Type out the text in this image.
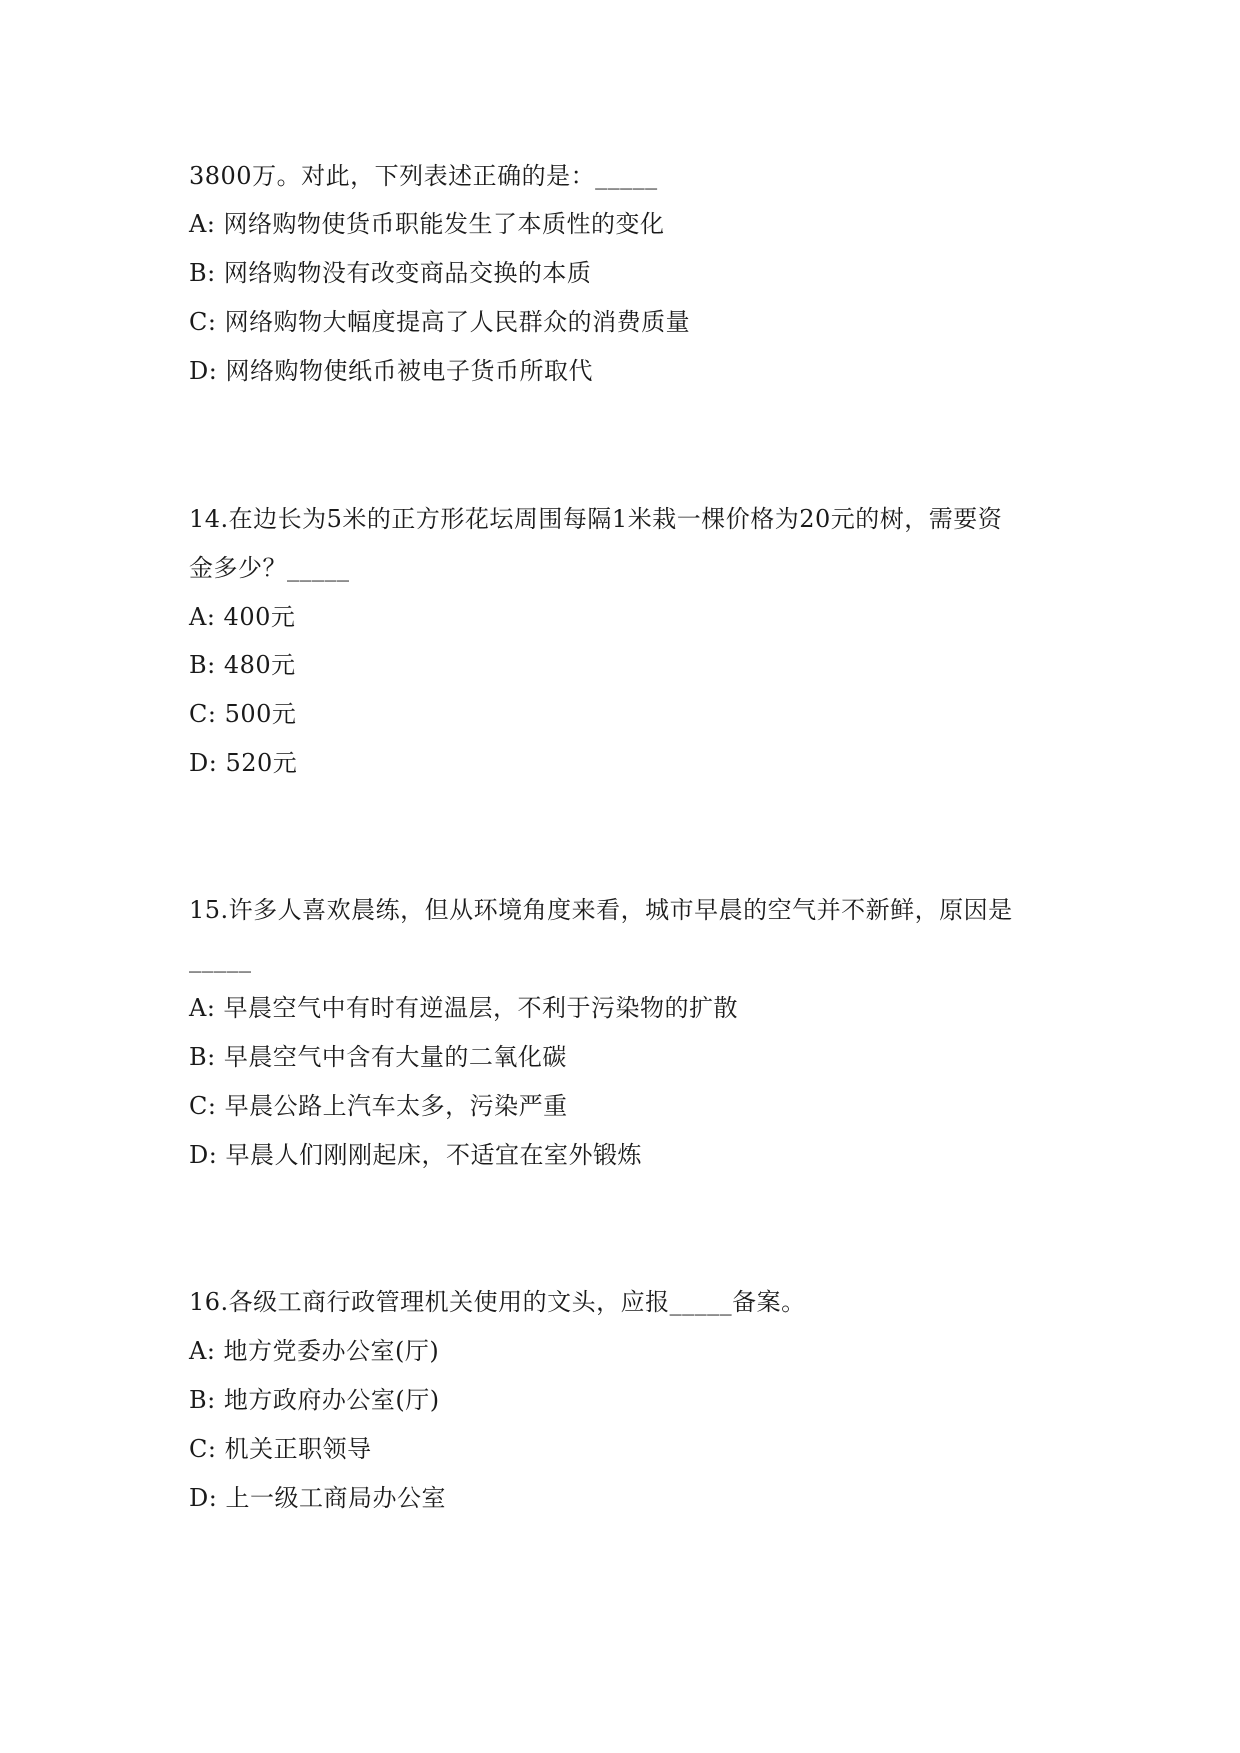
3800万。对此，下列表述正确的是：_____
A: 网络购物使货币职能发生了本质性的变化
B: 网络购物没有改变商品交换的本质
C: 网络购物大幅度提高了人民群众的消费质量
D: 网络购物使纸币被电子货币所取代
14.在边长为5米的正方形花坛周围每隔1米栽一棵价格为20元的树，需要资
金多少？_____
A: 400元
B: 480元
C: 500元
D: 520元
15.许多人喜欢晨练，但从环境角度来看，城市早晨的空气并不新鲜，原因是
_____
A: 早晨空气中有时有逆温层，不利于污染物的扩散
B: 早晨空气中含有大量的二氧化碳
C: 早晨公路上汽车太多，污染严重
D: 早晨人们刚刚起床，不适宜在室外锻炼
16.各级工商行政管理机关使用的文头，应报_____备案。
A: 地方党委办公室(厅)
B: 地方政府办公室(厅)
C: 机关正职领导
D: 上一级工商局办公室
